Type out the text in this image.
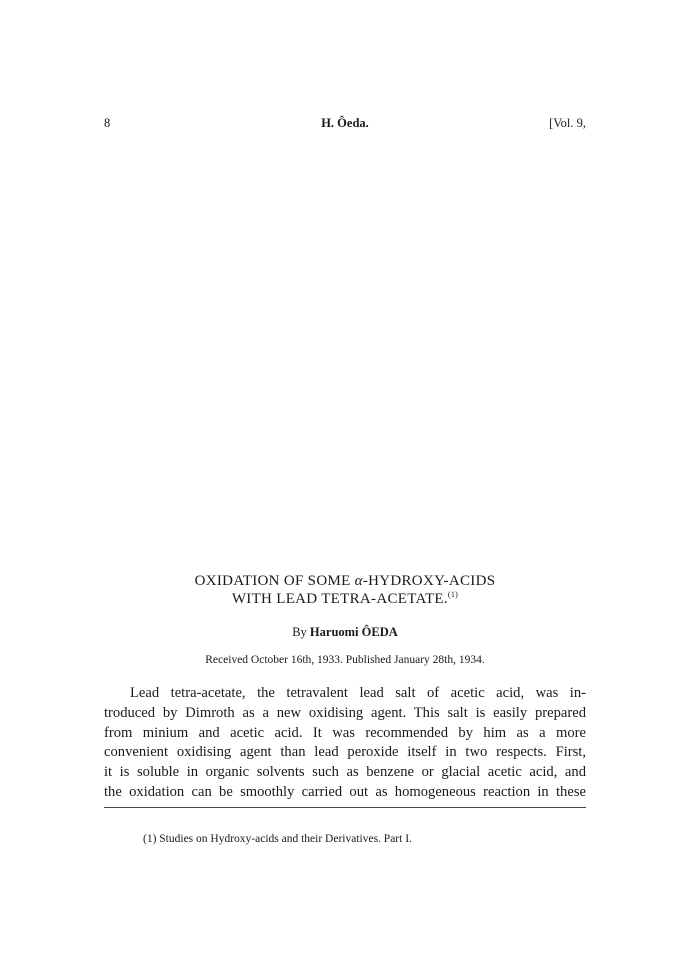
8	H. Ôeda.	[Vol. 9,
OXIDATION OF SOME α-HYDROXY-ACIDS
WITH LEAD TETRA-ACETATE.$^{(1)}$
By Haruomi ÔEDA
Received October 16th, 1933. Published January 28th, 1934.
Lead tetra-acetate, the tetravalent lead salt of acetic acid, was in-
troduced by Dimroth as a new oxidising agent. This salt is easily prepared
from minium and acetic acid. It was recommended by him as a more
convenient oxidising agent than lead peroxide itself in two respects. First,
it is soluble in organic solvents such as benzene or glacial acetic acid, and
the oxidation can be smoothly carried out as homogeneous reaction in these
(1) Studies on Hydroxy-acids and their Derivatives. Part I.
